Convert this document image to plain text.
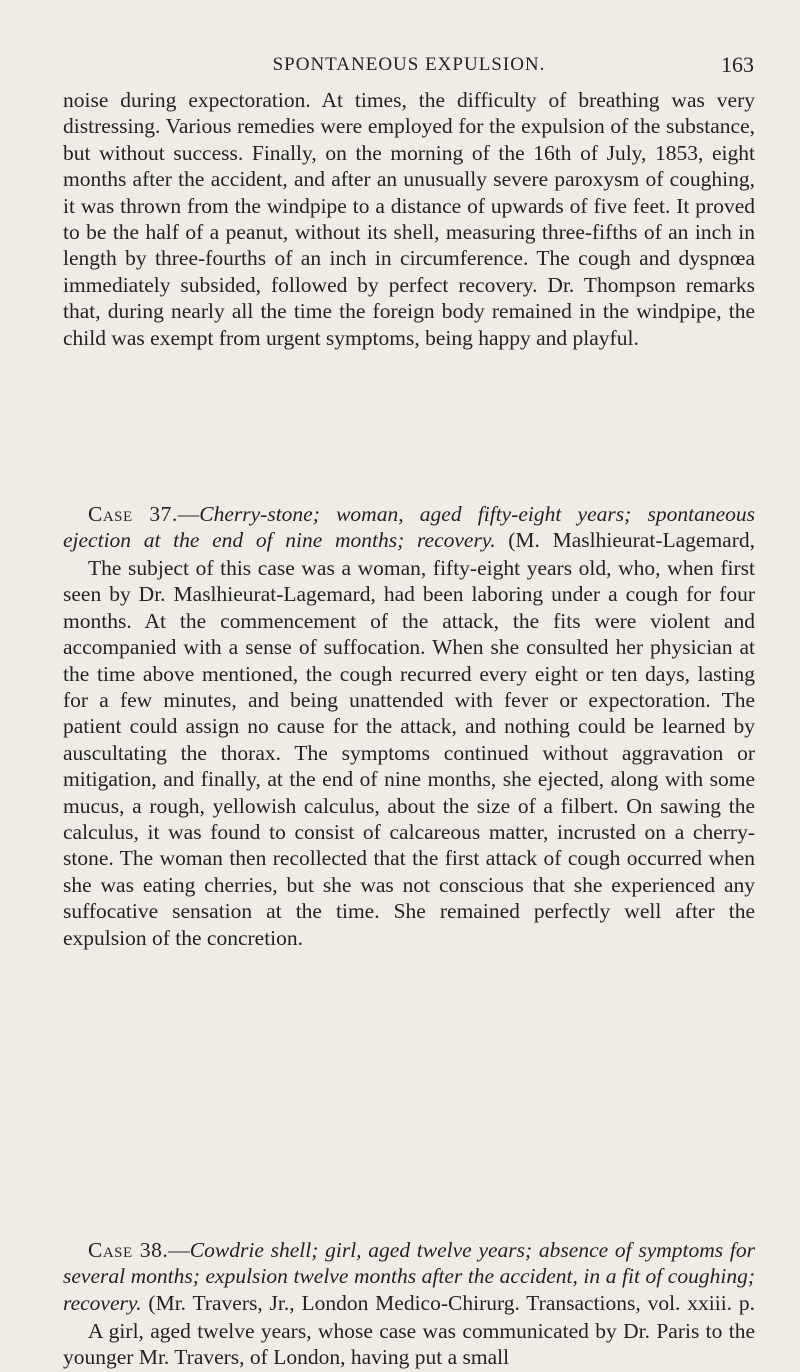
SPONTANEOUS EXPULSION.	163

noise during expectoration. At times, the difficulty of breathing was very distressing. Various remedies were employed for the expulsion of the substance, but without success. Finally, on the morning of the 16th of July, 1853, eight months after the accident, and after an unusually severe paroxysm of coughing, it was thrown from the windpipe to a distance of upwards of five feet. It proved to be the half of a peanut, without its shell, measuring three-fifths of an inch in length by three-fourths of an inch in circumference. The cough and dyspnœa immediately subsided, followed by perfect recovery. Dr. Thompson remarks that, during nearly all the time the foreign body remained in the windpipe, the child was exempt from urgent symptoms, being happy and playful.

Case 37.—Cherry-stone; woman, aged fifty-eight years; spontaneous ejection at the end of nine months; recovery. (M. Maslhieurat-Lagemard,

The subject of this case was a woman, fifty-eight years old, who, when first seen by Dr. Maslhieurat-Lagemard, had been laboring under a cough for four months. At the commencement of the attack, the fits were violent and accompanied with a sense of suffocation. When she consulted her physician at the time above mentioned, the cough recurred every eight or ten days, lasting for a few minutes, and being unattended with fever or expectoration. The patient could assign no cause for the attack, and nothing could be learned by auscultating the thorax. The symptoms continued without aggravation or mitigation, and finally, at the end of nine months, she ejected, along with some mucus, a rough, yellowish calculus, about the size of a filbert. On sawing the calculus, it was found to consist of calcareous matter, incrusted on a cherry-stone. The woman then recollected that the first attack of cough occurred when she was eating cherries, but she was not conscious that she experienced any suffocative sensation at the time. She remained perfectly well after the expulsion of the concretion.

Case 38.—Cowdrie shell; girl, aged twelve years; absence of symptoms for several months; expulsion twelve months after the accident, in a fit of coughing; recovery. (Mr. Travers, Jr., London Medico-Chirurg. Transactions, vol. xxiii. p.

A girl, aged twelve years, whose case was communicated by Dr. Paris to the younger Mr. Travers, of London, having put a small
